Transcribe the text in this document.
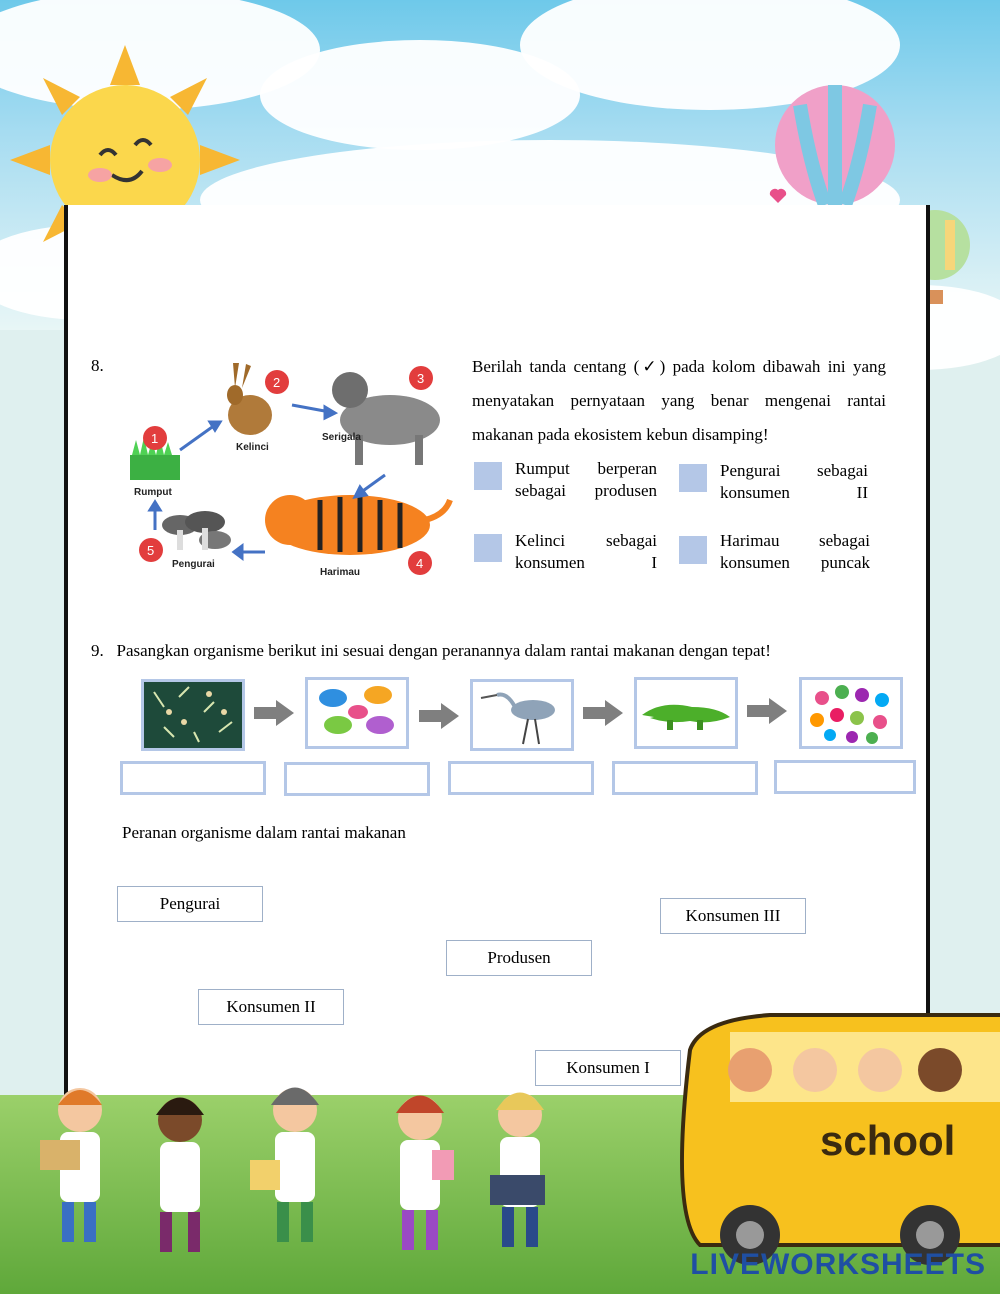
8.
Rumput
1
Kelinci
2
Serigala
3
Harimau
4
Pengurai
5
Berilah tanda centang (✓) pada kolom dibawah ini yang menyatakan pernyataan yang benar mengenai rantai makanan pada ekosistem kebun disamping!
Rumput berperan
sebagai produsen
Pengurai sebagai
konsumen II
Kelinci sebagai
konsumen I
Harimau sebagai
konsumen puncak
9. Pasangkan organisme berikut ini sesuai dengan peranannya dalam rantai makanan dengan tepat!
Peranan organisme dalam rantai makanan
school
Pengurai
Konsumen III
Produsen
Konsumen II
Konsumen I
LIVEWORKSHEETS
